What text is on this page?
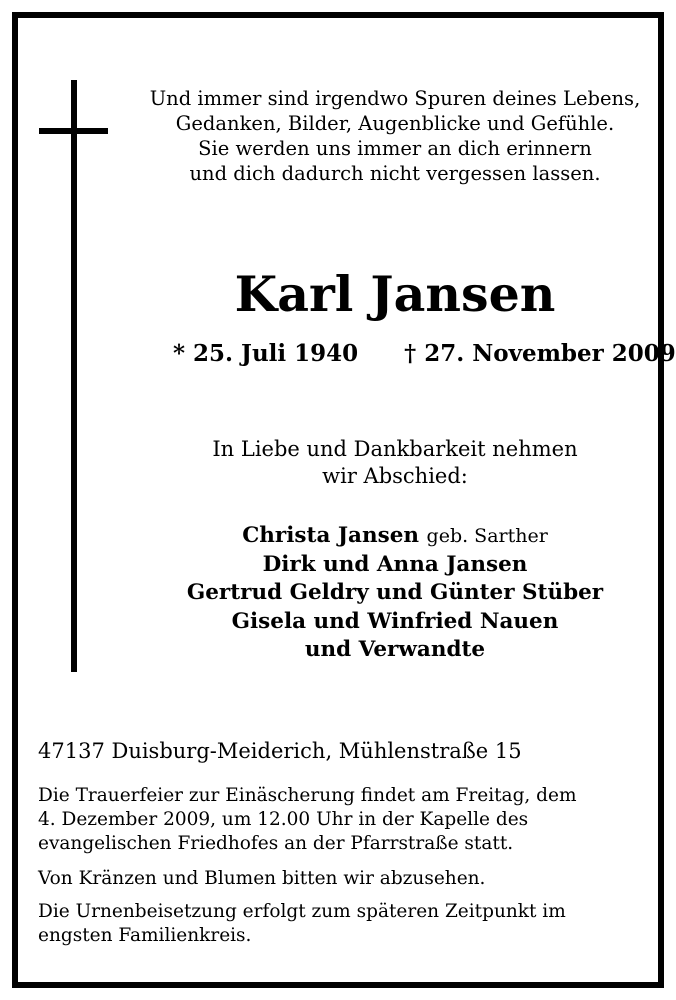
Und immer sind irgendwo Spuren deines Lebens,
Gedanken, Bilder, Augenblicke und Gefühle.
Sie werden uns immer an dich erinnern
und dich dadurch nicht vergessen lassen.
Karl Jansen
* 25. Juli 1940 † 27. November 2009
In Liebe und Dankbarkeit nehmen
wir Abschied:
Christa Jansen geb. Sarther
Dirk und Anna Jansen
Gertrud Geldry und Günter Stüber
Gisela und Winfried Nauen
und Verwandte
47137 Duisburg-Meiderich, Mühlenstraße 15
Die Trauerfeier zur Einäscherung findet am Freitag, dem
4. Dezember 2009, um 12.00 Uhr in der Kapelle des
evangelischen Friedhofes an der Pfarrstraße statt.
Von Kränzen und Blumen bitten wir abzusehen.
Die Urnenbeisetzung erfolgt zum späteren Zeitpunkt im
engsten Familienkreis.
